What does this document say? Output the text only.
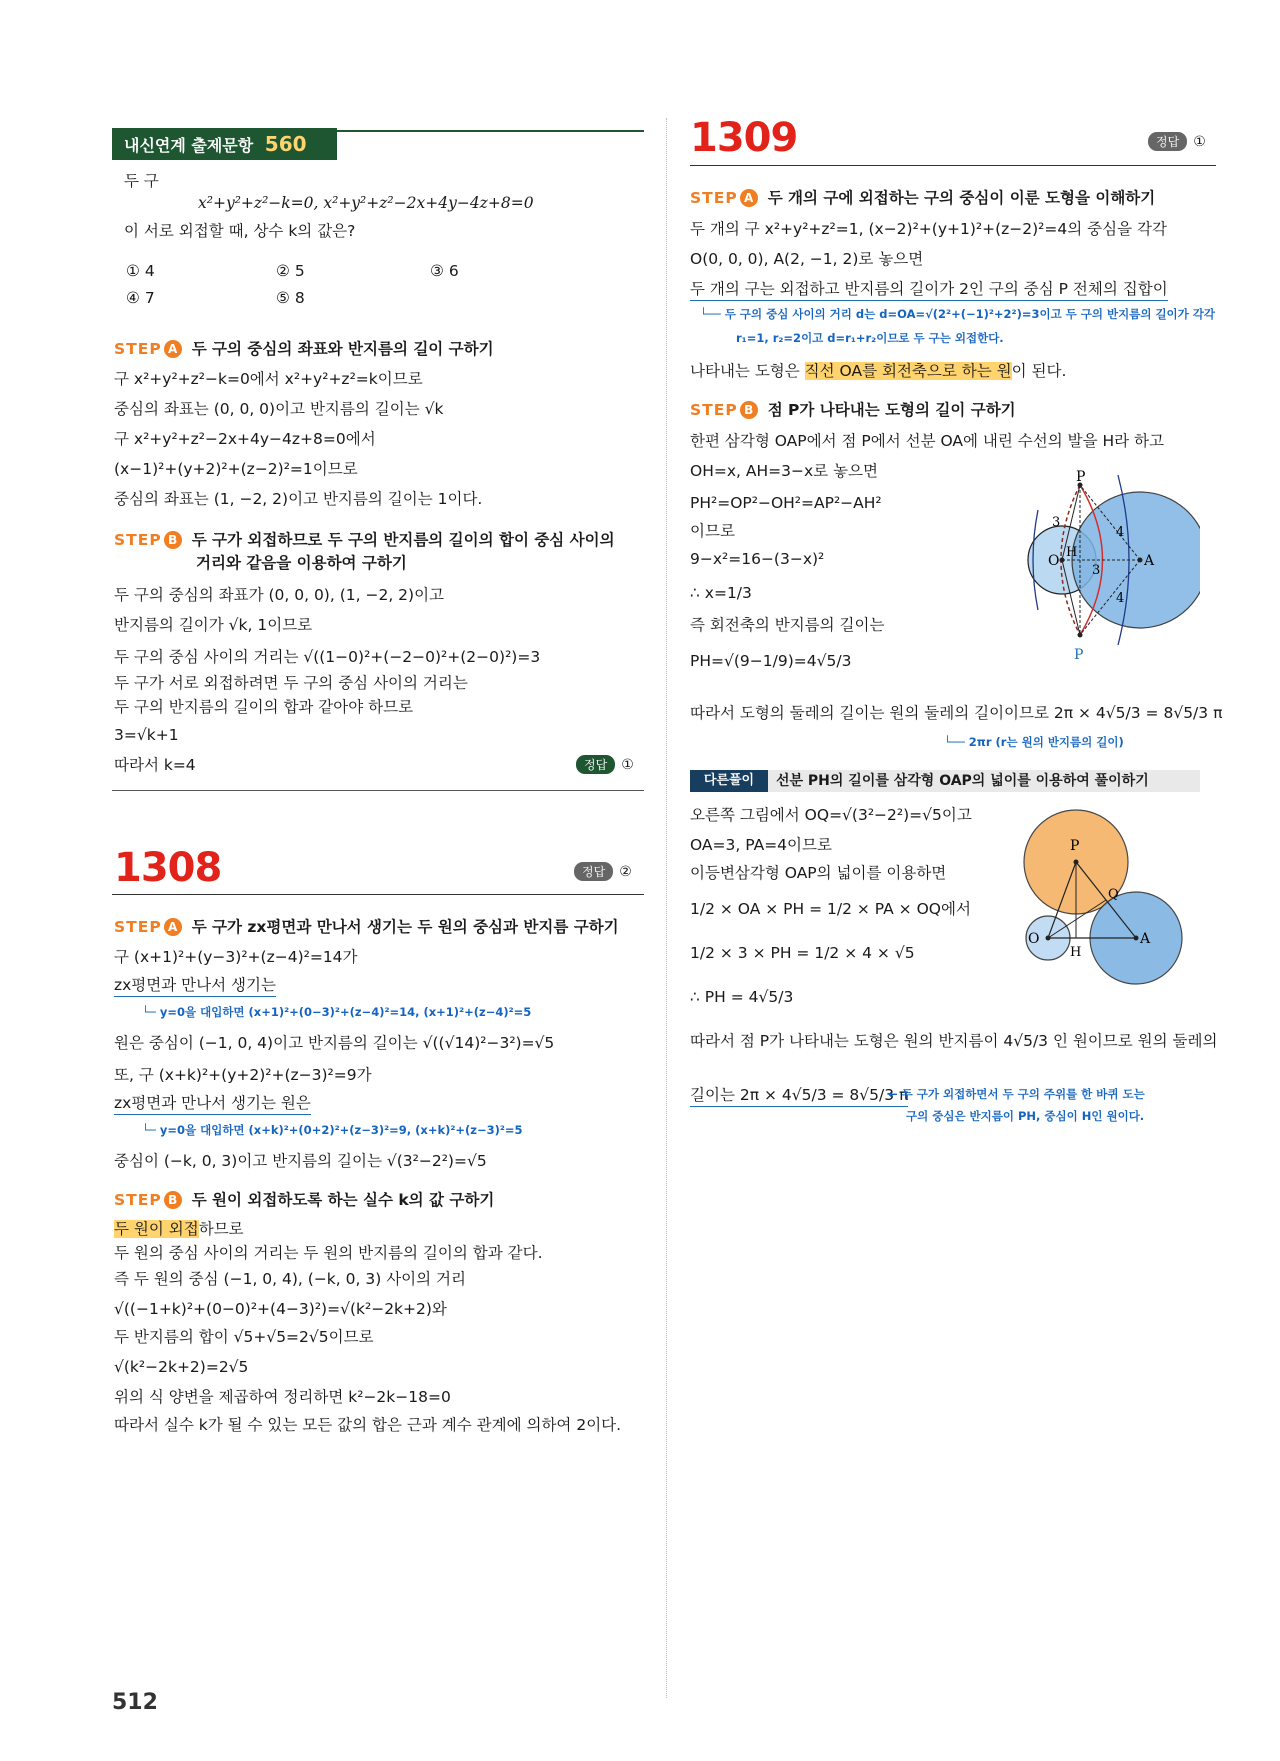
내신연계 출제문항 560
두 구
x²+y²+z²−k=0, x²+y²+z²−2x+4y−4z+8=0
이 서로 외접할 때, 상수 k의 값은?
① 4	② 5	③ 6
④ 7	⑤ 8
STEP A 두 구의 중심의 좌표와 반지름의 길이 구하기
구 x²+y²+z²−k=0에서 x²+y²+z²=k이므로
중심의 좌표는 (0, 0, 0)이고 반지름의 길이는 √k
구 x²+y²+z²−2x+4y−4z+8=0에서
(x−1)²+(y+2)²+(z−2)²=1이므로
중심의 좌표는 (1, −2, 2)이고 반지름의 길이는 1이다.
STEP B 두 구가 외접하므로 두 구의 반지름의 길이의 합이 중심 사이의
거리와 같음을 이용하여 구하기
두 구의 중심의 좌표가 (0, 0, 0), (1, −2, 2)이고
반지름의 길이가 √k, 1이므로
두 구의 중심 사이의 거리는 √((1−0)²+(−2−0)²+(2−0)²)=3
두 구가 서로 외접하려면 두 구의 중심 사이의 거리는
두 구의 반지름의 길이의 합과 같아야 하므로
3=√k+1
따라서 k=4	정답 ①
1308	정답 ②
STEP A 두 구가 zx평면과 만나서 생기는 두 원의 중심과 반지름 구하기
구 (x+1)²+(y−3)²+(z−4)²=14가
zx평면과 만나서 생기는
└─ y=0을 대입하면 (x+1)²+(0−3)²+(z−4)²=14, (x+1)²+(z−4)²=5
원은 중심이 (−1, 0, 4)이고 반지름의 길이는 √((√14)²−3²)=√5
또, 구 (x+k)²+(y+2)²+(z−3)²=9가
zx평면과 만나서 생기는 원은
└─ y=0을 대입하면 (x+k)²+(0+2)²+(z−3)²=9, (x+k)²+(z−3)²=5
중심이 (−k, 0, 3)이고 반지름의 길이는 √(3²−2²)=√5
STEP B 두 원이 외접하도록 하는 실수 k의 값 구하기
두 원이 외접하므로
두 원의 중심 사이의 거리는 두 원의 반지름의 길이의 합과 같다.
즉 두 원의 중심 (−1, 0, 4), (−k, 0, 3) 사이의 거리
√((−1+k)²+(0−0)²+(4−3)²)=√(k²−2k+2)와
두 반지름의 합이 √5+√5=2√5이므로
√(k²−2k+2)=2√5
위의 식 양변을 제곱하여 정리하면 k²−2k−18=0
따라서 실수 k가 될 수 있는 모든 값의 합은 근과 계수 관계에 의하여 2이다.
512
1309	정답 ①
STEP A 두 개의 구에 외접하는 구의 중심이 이룬 도형을 이해하기
두 개의 구 x²+y²+z²=1, (x−2)²+(y+1)²+(z−2)²=4의 중심을 각각
O(0, 0, 0), A(2, −1, 2)로 놓으면
두 개의 구는 외접하고 반지름의 길이가 2인 구의 중심 P 전체의 집합이
└── 두 구의 중심 사이의 거리 d는 d=OA=√(2²+(−1)²+2²)=3이고 두 구의 반지름의 길이가 각각
r₁=1, r₂=2이고 d=r₁+r₂이므로 두 구는 외접한다.
나타내는 도형은 직선 OA를 회전축으로 하는 원이 된다.
STEP B 점 P가 나타내는 도형의 길이 구하기
한편 삼각형 OAP에서 점 P에서 선분 OA에 내린 수선의 발을 H라 하고
OH=x, AH=3−x로 놓으면
PH²=OP²−OH²=AP²−AH²
이므로
9−x²=16−(3−x)²
∴ x=1/3
즉 회전축의 반지름의 길이는
PH=√(9−1/9)=4√5/3
P
P
O
H
A
3
4
3
4
따라서 도형의 둘레의 길이는 원의 둘레의 길이이므로 2π × 4√5/3 = 8√5/3 π
└── 2πr (r는 원의 반지름의 길이)
다른풀이	선분 PH의 길이를 삼각형 OAP의 넓이를 이용하여 풀이하기
오른쪽 그림에서 OQ=√(3²−2²)=√5이고
OA=3, PA=4이므로
이등변삼각형 OAP의 넓이를 이용하면
1/2 × OA × PH = 1/2 × PA × OQ에서
1/2 × 3 × PH = 1/2 × 4 × √5
∴ PH = 4√5/3
P
O
H
A
Q
따라서 점 P가 나타내는 도형은 원의 반지름이 4√5/3 인 원이므로 원의 둘레의
길이는 2π × 4√5/3 = 8√5/3 π
← 두 구가 외접하면서 두 구의 주위를 한 바퀴 도는
구의 중심은 반지름이 PH, 중심이 H인 원이다.
